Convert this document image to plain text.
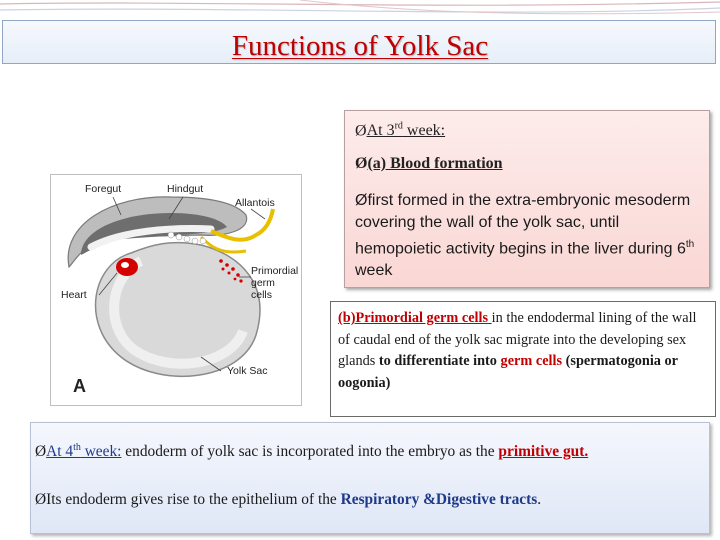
Functions of Yolk Sac
ØAt 3rd week:
Ø(a) Blood formation
Øfirst formed in the extra-embryonic mesoderm covering the wall of the yolk sac, until hemopoietic activity begins in the liver during 6th week
(b)Primordial germ cells in the endodermal lining of the wall of caudal end of the yolk sac migrate into the developing sex glands to differentiate into germ cells (spermatogonia or oogonia)
Foregut	Hindgut
Allantois
Primordial
germ
cells
Heart
Yolk Sac
A
ØAt 4th week: endoderm of yolk sac is incorporated into the embryo as the primitive gut.
ØIts endoderm gives rise to the epithelium of the Respiratory &Digestive tracts.
